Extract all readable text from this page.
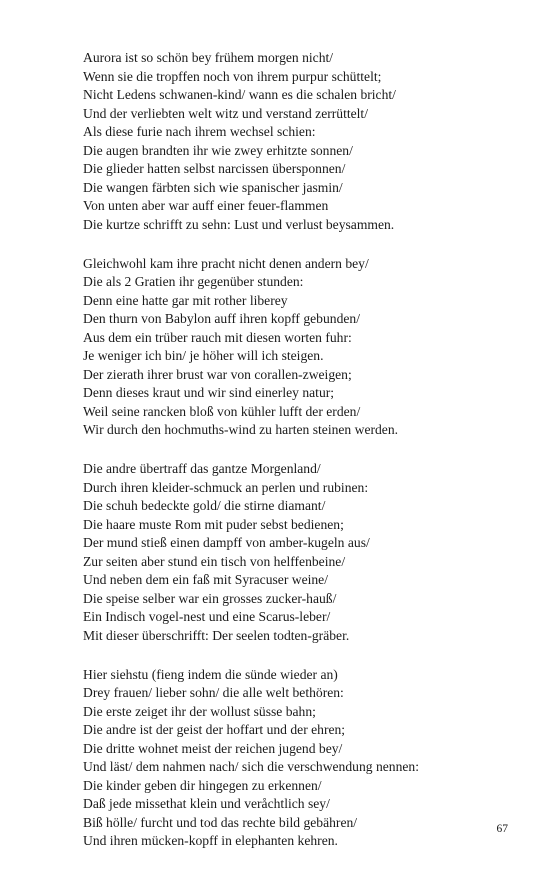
Aurora ist so schön bey frühem morgen nicht/
Wenn sie die tropffen noch von ihrem purpur schüttelt;
Nicht Ledens schwanen-kind/ wann es die schalen bricht/
Und der verliebten welt witz und verstand zerrüttelt/
Als diese furie nach ihrem wechsel schien:
Die augen brandten ihr wie zwey erhitzte sonnen/
Die glieder hatten selbst narcissen übersponnen/
Die wangen färbten sich wie spanischer jasmin/
Von unten aber war auff einer feuer-flammen
Die kurtze schrifft zu sehn: Lust und verlust beysammen.
Gleichwohl kam ihre pracht nicht denen andern bey/
Die als 2 Gratien ihr gegenüber stunden:
Denn eine hatte gar mit rother liberey
Den thurn von Babylon auff ihren kopff gebunden/
Aus dem ein trüber rauch mit diesen worten fuhr:
Je weniger ich bin/ je höher will ich steigen.
Der zierath ihrer brust war von corallen-zweigen;
Denn dieses kraut und wir sind einerley natur;
Weil seine rancken bloß von kühler lufft der erden/
Wir durch den hochmuths-wind zu harten steinen werden.
Die andre übertraff das gantze Morgenland/
Durch ihren kleider-schmuck an perlen und rubinen:
Die schuh bedeckte gold/ die stirne diamant/
Die haare muste Rom mit puder sebst bedienen;
Der mund stieß einen dampff von amber-kugeln aus/
Zur seiten aber stund ein tisch von helffenbeine/
Und neben dem ein faß mit Syracuser weine/
Die speise selber war ein grosses zucker-hauß/
Ein Indisch vogel-nest und eine Scarus-leber/
Mit dieser überschrifft: Der seelen todten-gräber.
Hier siehstu (fieng indem die sünde wieder an)
Drey frauen/ lieber sohn/ die alle welt bethören:
Die erste zeiget ihr der wollust süsse bahn;
Die andre ist der geist der hoffart und der ehren;
Die dritte wohnet meist der reichen jugend bey/
Und läst/ dem nahmen nach/ sich die verschwendung nennen:
Die kinder geben dir hingegen zu erkennen/
Daß jede missethat klein und veråchtlich sey/
Biß hölle/ furcht und tod das rechte bild gebähren/
Und ihren mücken-kopff in elephanten kehren.
67
